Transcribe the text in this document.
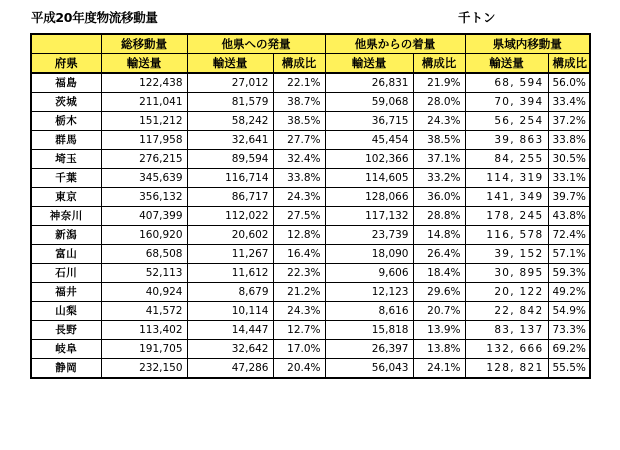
平成20年度物流移動量	千トン
	総移動量	他県への発量		他県からの着量		県域内移動量	
府県	輸送量	輸送量	構成比	輸送量	構成比	輸送量	構成比
福島	122,438	27,012	22.1%	26,831	21.9%	68, 594	56.0%
茨城	211,041	81,579	38.7%	59,068	28.0%	70, 394	33.4%
栃木	151,212	58,242	38.5%	36,715	24.3%	56, 254	37.2%
群馬	117,958	32,641	27.7%	45,454	38.5%	39, 863	33.8%
埼玉	276,215	89,594	32.4%	102,366	37.1%	84, 255	30.5%
千葉	345,639	116,714	33.8%	114,605	33.2%	114, 319	33.1%
東京	356,132	86,717	24.3%	128,066	36.0%	141, 349	39.7%
神奈川	407,399	112,022	27.5%	117,132	28.8%	178, 245	43.8%
新潟	160,920	20,602	12.8%	23,739	14.8%	116, 578	72.4%
富山	68,508	11,267	16.4%	18,090	26.4%	39, 152	57.1%
石川	52,113	11,612	22.3%	9,606	18.4%	30, 895	59.3%
福井	40,924	8,679	21.2%	12,123	29.6%	20, 122	49.2%
山梨	41,572	10,114	24.3%	8,616	20.7%	22, 842	54.9%
長野	113,402	14,447	12.7%	15,818	13.9%	83, 137	73.3%
岐阜	191,705	32,642	17.0%	26,397	13.8%	132, 666	69.2%
静岡	232,150	47,286	20.4%	56,043	24.1%	128, 821	55.5%
